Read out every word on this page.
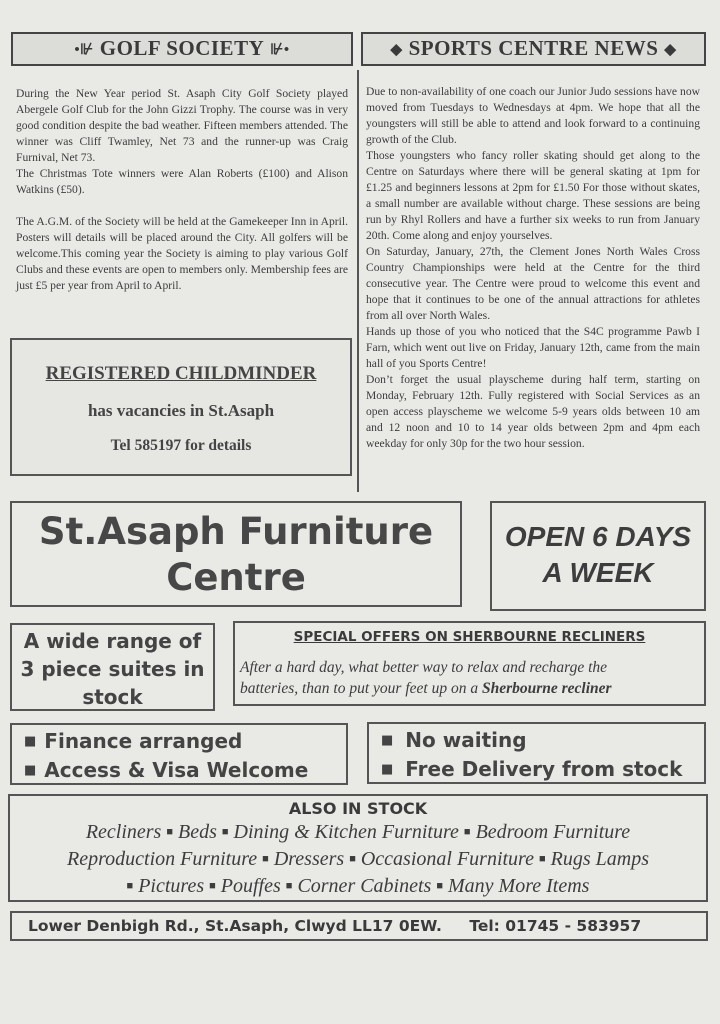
•⊮ GOLF SOCIETY ⊮•	◆ SPORTS CENTRE NEWS ◆

During the New Year period St. Asaph City Golf Society played Abergele Golf Club for the John Gizzi Trophy. The course was in very good condition despite the bad weather. Fifteen members attended. The winner was Cliff Twamley, Net 73 and the runner-up was Craig Furnival, Net 73.

The Christmas Tote winners were Alan Roberts (£100) and Alison Watkins (£50).

The A.G.M. of the Society will be held at the Gamekeeper Inn in April. Posters will details will be placed around the City. All golfers will be welcome.This coming year the Society is aiming to play various Golf Clubs and these events are open to members only. Membership fees are just £5 per year from April to April.

Due to non-availability of one coach our Junior Judo sessions have now moved from Tuesdays to Wednesdays at 4pm. We hope that all the youngsters will still be able to attend and look forward to a continuing growth of the Club.

Those youngsters who fancy roller skating should get along to the Centre on Saturdays where there will be general skating at 1pm for £1.25 and beginners lessons at 2pm for £1.50 For those without skates, a small number are available without charge. These sessions are being run by Rhyl Rollers and have a further six weeks to run from January 20th. Come along and enjoy yourselves.

On Saturday, January, 27th, the Clement Jones North Wales Cross Country Championships were held at the Centre for the third consecutive year. The Centre were proud to welcome this event and hope that it continues to be one of the annual attractions for athletes from all over North Wales.

Hands up those of you who noticed that the S4C programme Pawb I Farn, which went out live on Friday, January 12th, came from the main hall of you Sports Centre!

Don’t forget the usual playscheme during half term, starting on Monday, February 12th. Fully registered with Social Services as an open access playscheme we welcome 5-9 years olds between 10 am and 12 noon and 10 to 14 year olds between 2pm and 4pm each weekday for only 30p for the two hour session.

REGISTERED CHILDMINDER
has vacancies in St.Asaph
Tel 585197 for details
St.Asaph Furniture
Centre
OPEN 6 DAYS
A WEEK
A wide range of
3 piece suites in
stock
SPECIAL OFFERS ON SHERBOURNE RECLINERS
After a hard day, what better way to relax and recharge the
batteries, than to put your feet up on a Sherbourne recliner
■ Finance arranged
■ Access & Visa Welcome
■ No waiting
■ Free Delivery from stock
ALSO IN STOCK
Recliners ■ Beds ■ Dining & Kitchen Furniture ■ Bedroom Furniture
Reproduction Furniture ■ Dressers ■ Occasional Furniture ■ Rugs Lamps
■ Pictures ■ Pouffes ■ Corner Cabinets ■ Many More Items
Lower Denbigh Rd., St.Asaph, Clwyd LL17 0EW. Tel: 01745 - 583957
